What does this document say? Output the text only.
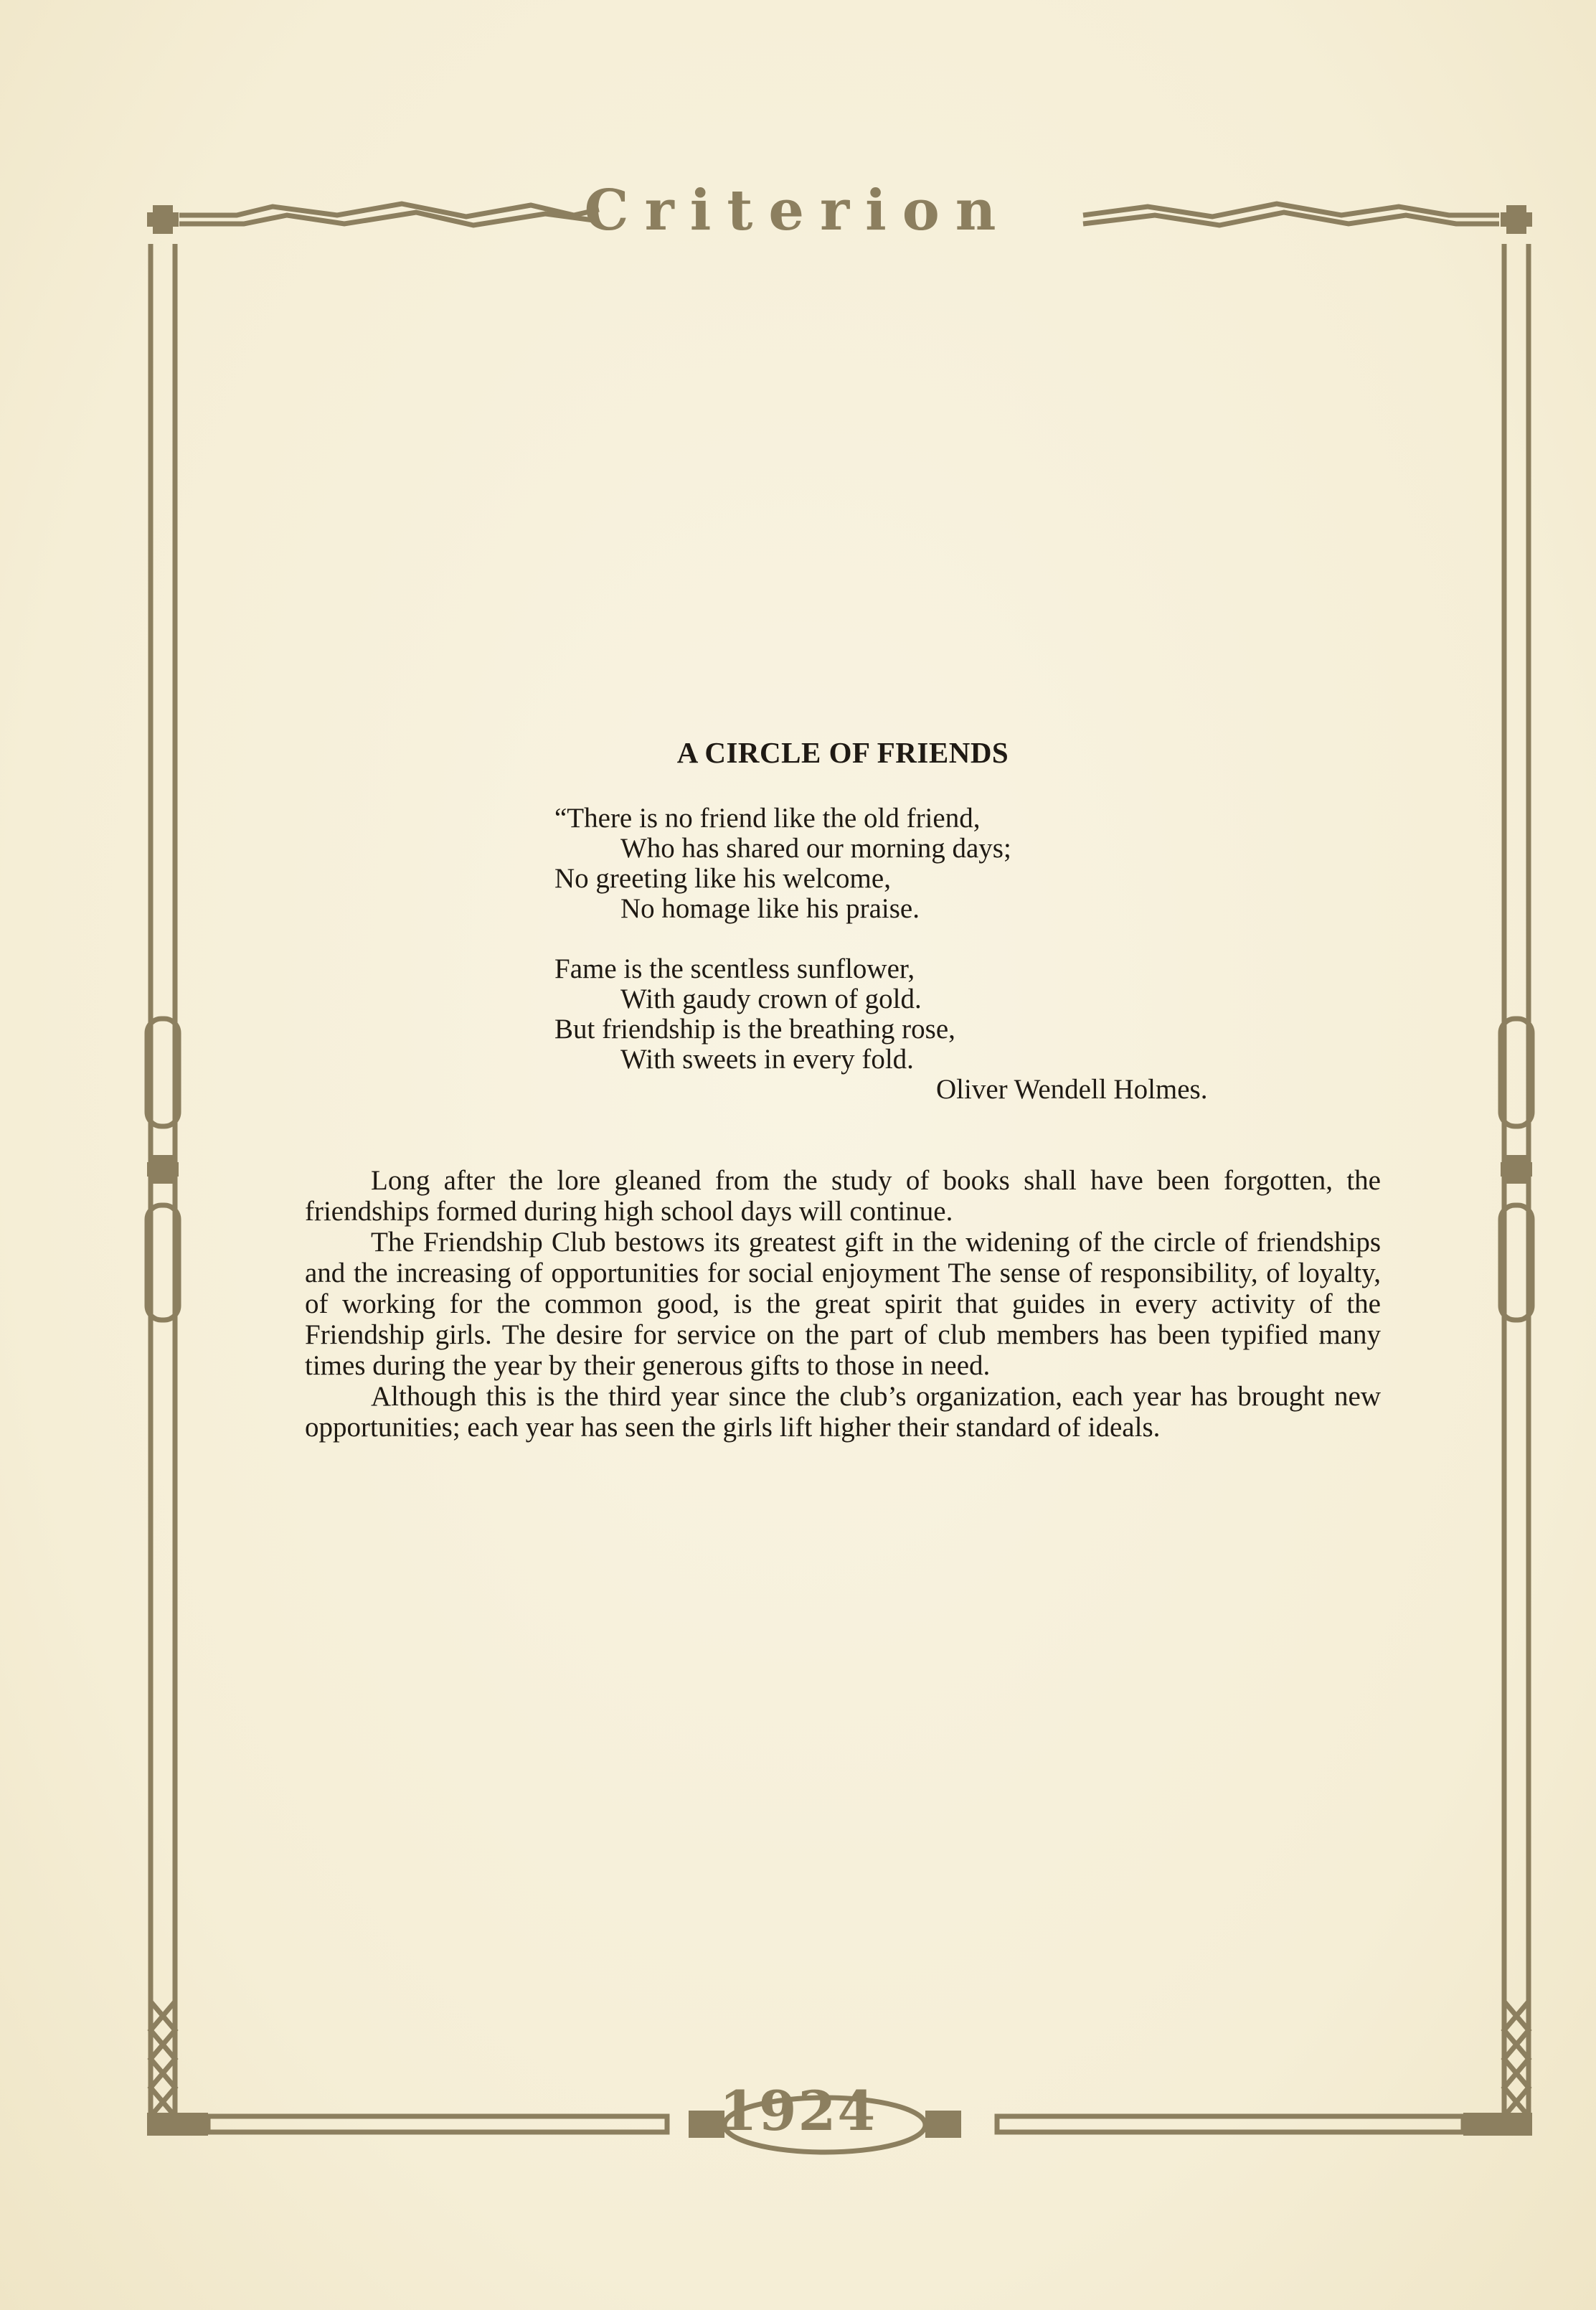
Criterion
A CIRCLE OF FRIENDS
“There is no friend like the old friend,
Who has shared our morning days;
No greeting like his welcome,
No homage like his praise.
Fame is the scentless sunflower,
With gaudy crown of gold.
But friendship is the breathing rose,
With sweets in every fold.
Oliver Wendell Holmes.

Long after the lore gleaned from the study of books shall have been forgotten, the friendships formed during high school days will continue.

The Friendship Club bestows its greatest gift in the widening of the circle of friendships and the increasing of opportunities for social enjoyment The sense of responsibility, of loyalty, of working for the common good, is the great spirit that guides in every activity of the Friendship girls. The desire for service on the part of club members has been typified many times during the year by their generous gifts to those in need.

Although this is the third year since the club’s organization, each year has brought new opportunities; each year has seen the girls lift higher their standard of ideals.

1924
